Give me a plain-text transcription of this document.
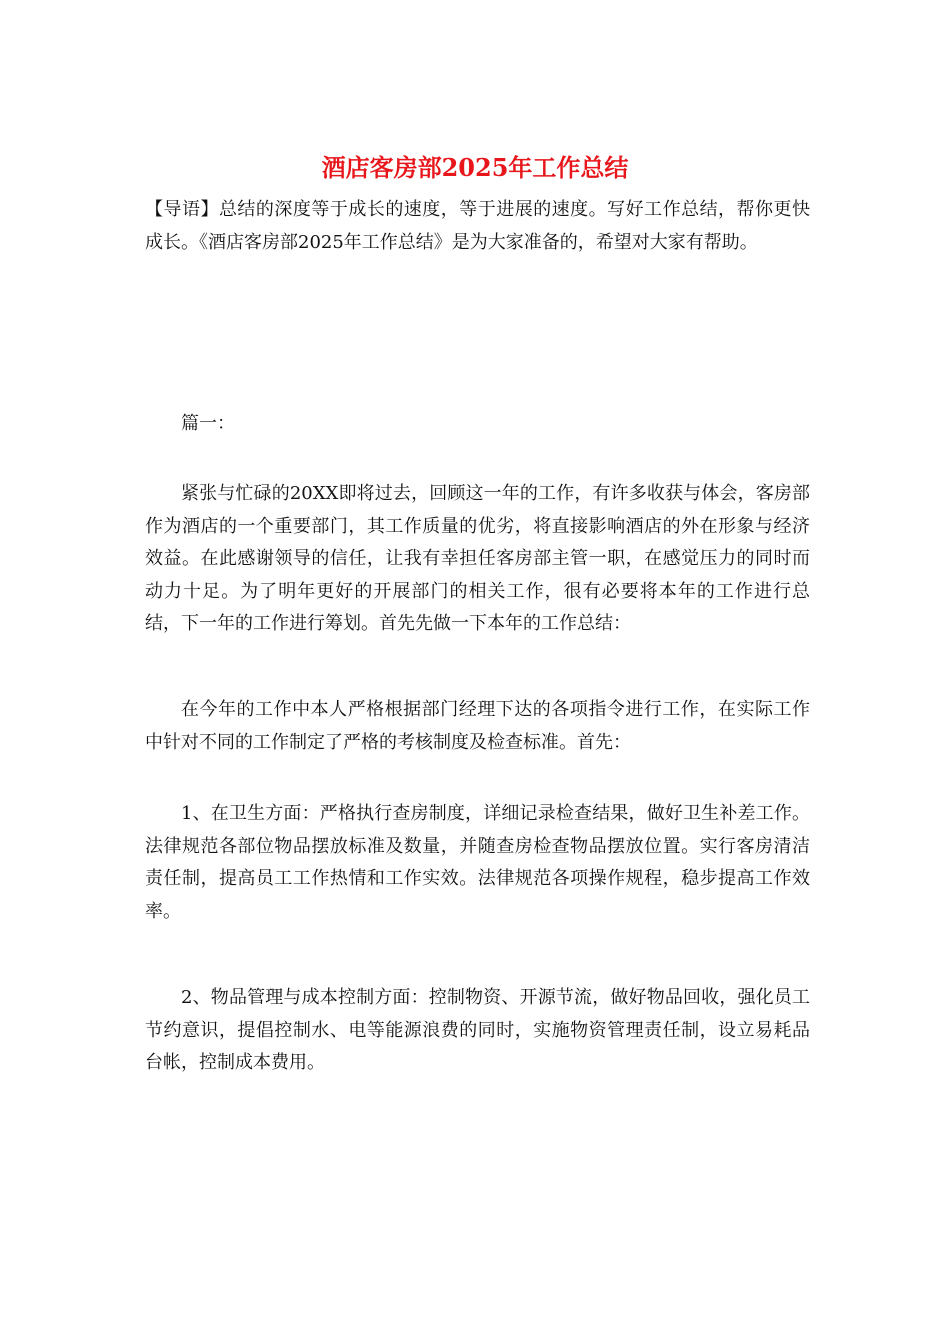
酒店客房部2025年工作总结

【导语】总结的深度等于成长的速度，等于进展的速度。写好工作总结，帮你更快成长。《酒店客房部2025年工作总结》是为大家准备的，希望对大家有帮助。

篇一：

紧张与忙碌的20XX即将过去，回顾这一年的工作，有许多收获与体会，客房部作为酒店的一个重要部门，其工作质量的优劣，将直接影响酒店的外在形象与经济效益。在此感谢领导的信任，让我有幸担任客房部主管一职，在感觉压力的同时而动力十足。为了明年更好的开展部门的相关工作，很有必要将本年的工作进行总结，下一年的工作进行筹划。首先先做一下本年的工作总结：

在今年的工作中本人严格根据部门经理下达的各项指令进行工作，在实际工作中针对不同的工作制定了严格的考核制度及检查标准。首先：

1、在卫生方面：严格执行查房制度，详细记录检查结果，做好卫生补差工作。法律规范各部位物品摆放标准及数量，并随查房检查物品摆放位置。实行客房清洁责任制，提高员工工作热情和工作实效。法律规范各项操作规程，稳步提高工作效率。

2、物品管理与成本控制方面：控制物资、开源节流，做好物品回收，强化员工节约意识，提倡控制水、电等能源浪费的同时，实施物资管理责任制，设立易耗品台帐，控制成本费用。
